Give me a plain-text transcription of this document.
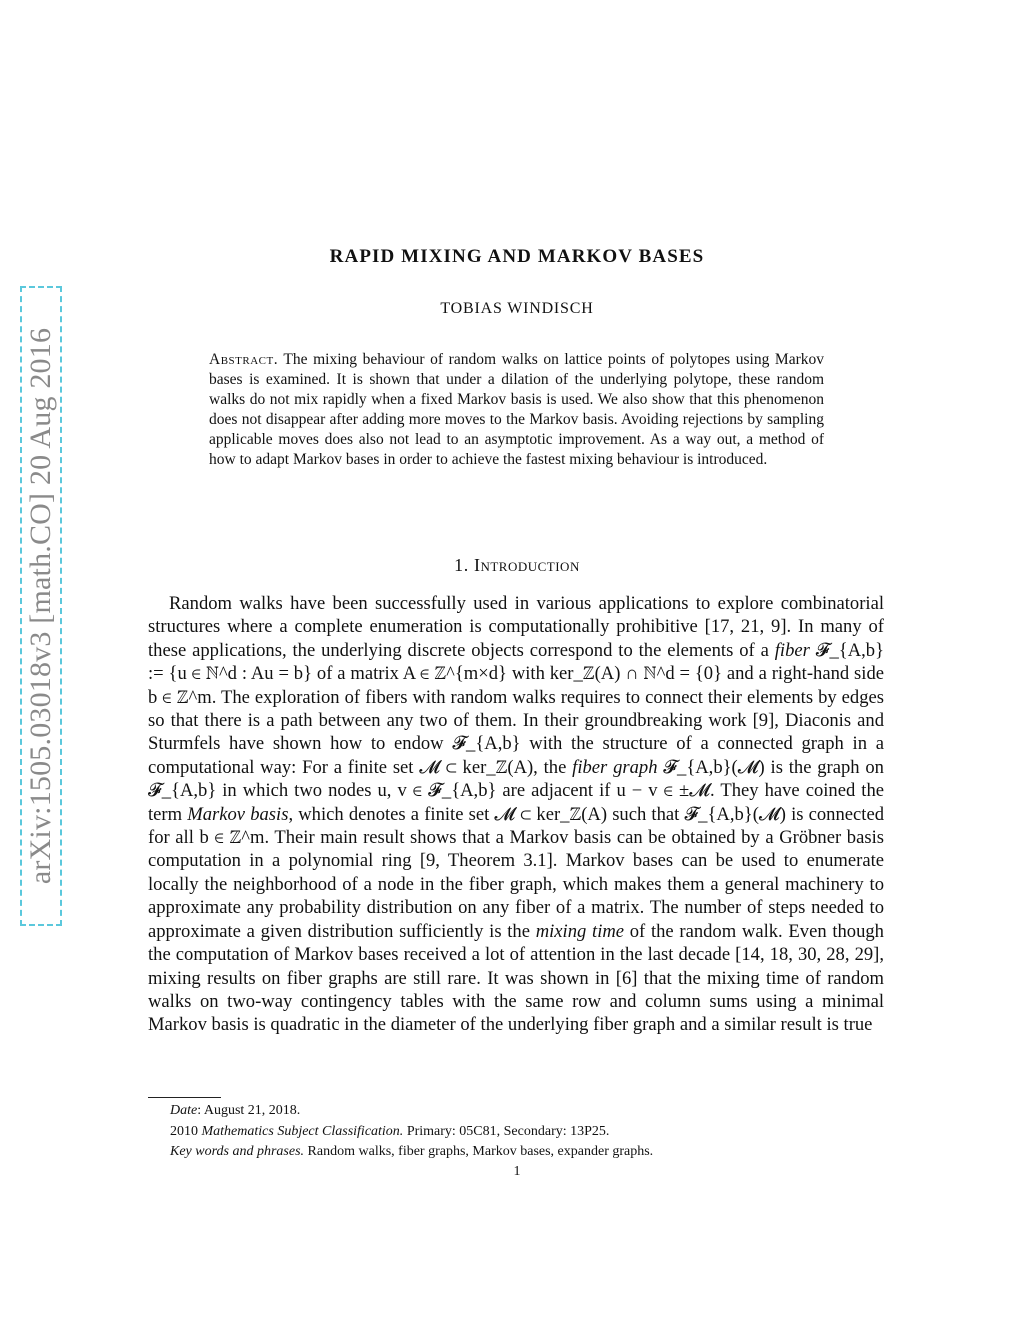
arXiv:1505.03018v3 [math.CO] 20 Aug 2016
RAPID MIXING AND MARKOV BASES
TOBIAS WINDISCH
Abstract. The mixing behaviour of random walks on lattice points of polytopes using Markov bases is examined. It is shown that under a dilation of the underlying polytope, these random walks do not mix rapidly when a fixed Markov basis is used. We also show that this phenomenon does not disappear after adding more moves to the Markov basis. Avoiding rejections by sampling applicable moves does also not lead to an asymptotic improvement. As a way out, a method of how to adapt Markov bases in order to achieve the fastest mixing behaviour is introduced.
1. Introduction

Random walks have been successfully used in various applications to explore combinatorial structures where a complete enumeration is computationally prohibitive [17, 21, 9]. In many of these applications, the underlying discrete objects correspond to the elements of a fiber 𝓕_{A,b} := {u ∈ ℕ^d : Au = b} of a matrix A ∈ ℤ^{m×d} with ker_ℤ(A) ∩ ℕ^d = {0} and a right-hand side b ∈ ℤ^m. The exploration of fibers with random walks requires to connect their elements by edges so that there is a path between any two of them. In their groundbreaking work [9], Diaconis and Sturmfels have shown how to endow 𝓕_{A,b} with the structure of a connected graph in a computational way: For a finite set 𝓜 ⊂ ker_ℤ(A), the fiber graph 𝓕_{A,b}(𝓜) is the graph on 𝓕_{A,b} in which two nodes u, v ∈ 𝓕_{A,b} are adjacent if u − v ∈ ±𝓜. They have coined the term Markov basis, which denotes a finite set 𝓜 ⊂ ker_ℤ(A) such that 𝓕_{A,b}(𝓜) is connected for all b ∈ ℤ^m. Their main result shows that a Markov basis can be obtained by a Gröbner basis computation in a polynomial ring [9, Theorem 3.1]. Markov bases can be used to enumerate locally the neighborhood of a node in the fiber graph, which makes them a general machinery to approximate any probability distribution on any fiber of a matrix. The number of steps needed to approximate a given distribution sufficiently is the mixing time of the random walk. Even though the computation of Markov bases received a lot of attention in the last decade [14, 18, 30, 28, 29], mixing results on fiber graphs are still rare. It was shown in [6] that the mixing time of random walks on two-way contingency tables with the same row and column sums using a minimal Markov basis is quadratic in the diameter of the underlying fiber graph and a similar result is true

Date: August 21, 2018.
2010 Mathematics Subject Classification. Primary: 05C81, Secondary: 13P25.
Key words and phrases. Random walks, fiber graphs, Markov bases, expander graphs.
1
